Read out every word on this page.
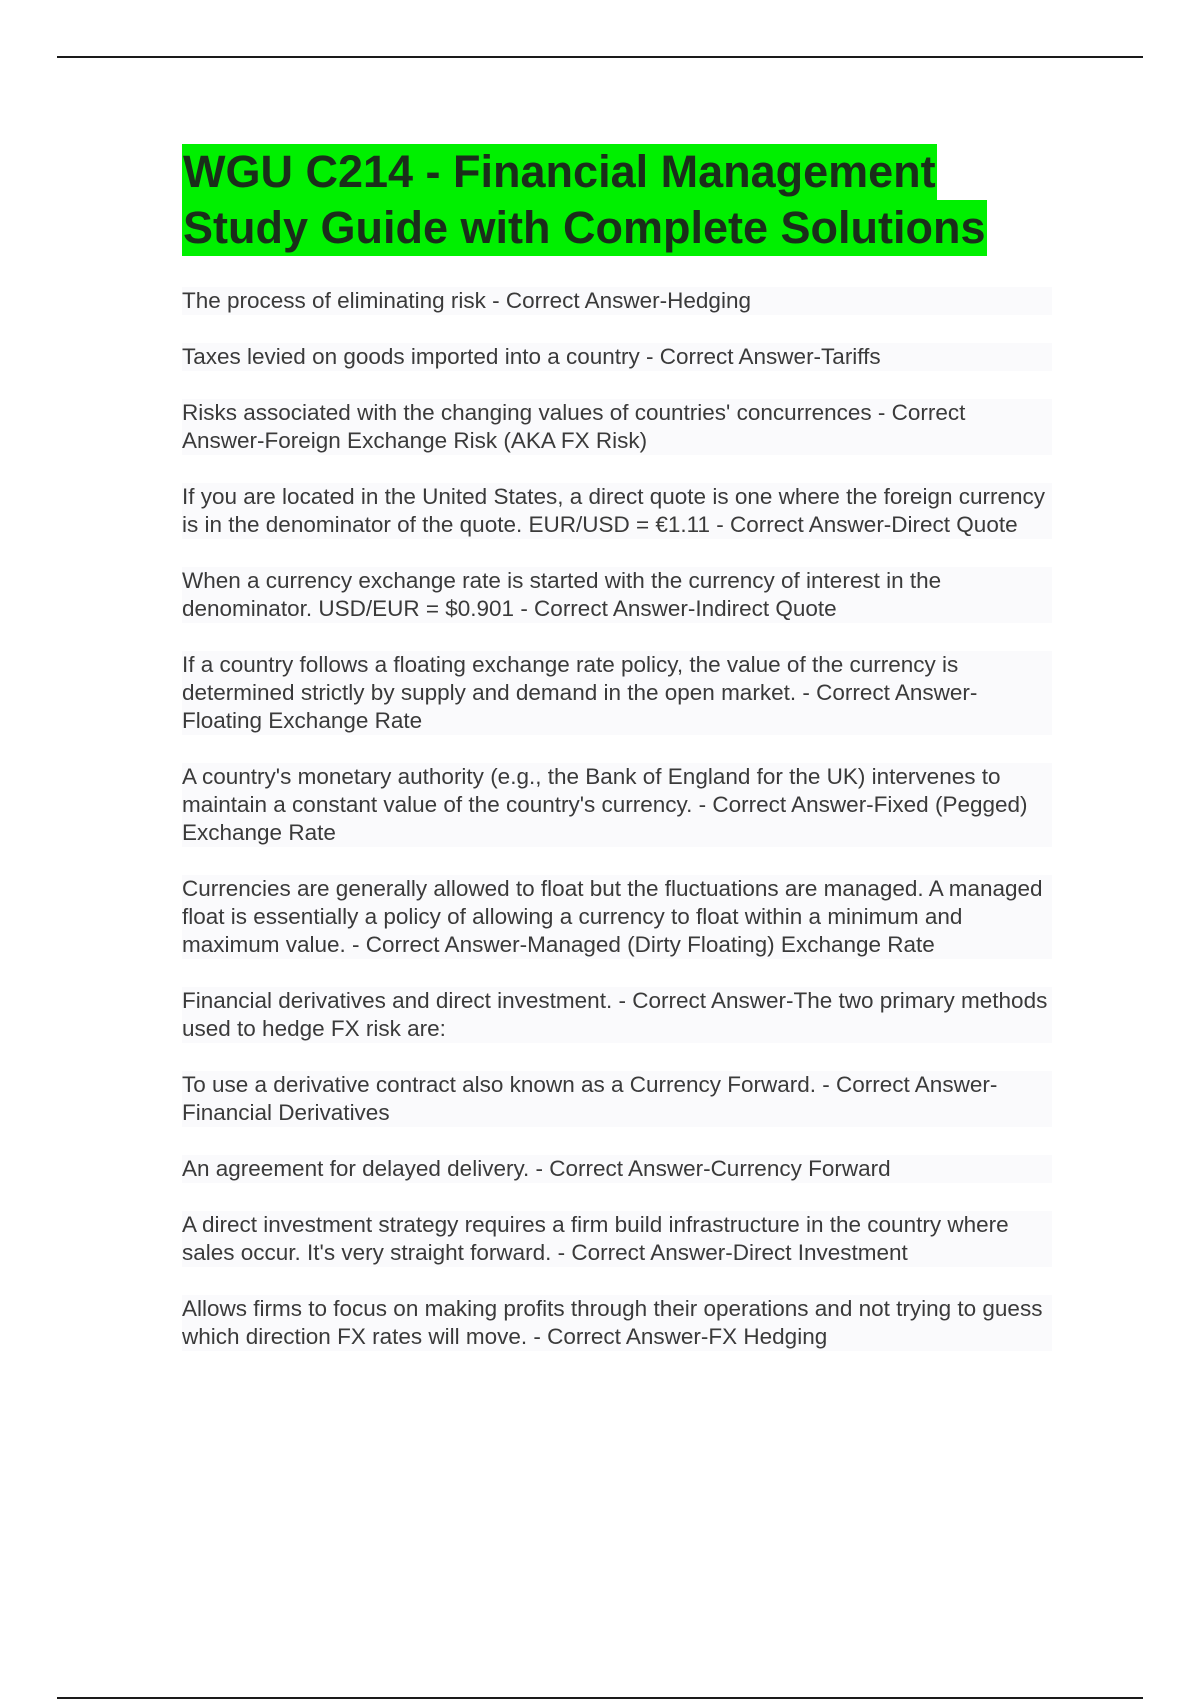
WGU C214 - Financial Management
Study Guide with Complete Solutions

The process of eliminating risk - Correct Answer-Hedging

Taxes levied on goods imported into a country - Correct Answer-Tariffs

Risks associated with the changing values of countries' concurrences - Correct Answer-Foreign Exchange Risk (AKA FX Risk)

If you are located in the United States, a direct quote is one where the foreign currency is in the denominator of the quote. EUR/USD = €1.11 - Correct Answer-Direct Quote

When a currency exchange rate is started with the currency of interest in the denominator. USD/EUR = $0.901 - Correct Answer-Indirect Quote

If a country follows a floating exchange rate policy, the value of the currency is determined strictly by supply and demand in the open market. - Correct Answer-Floating Exchange Rate

A country's monetary authority (e.g., the Bank of England for the UK) intervenes to maintain a constant value of the country's currency. - Correct Answer-Fixed (Pegged) Exchange Rate

Currencies are generally allowed to float but the fluctuations are managed. A managed float is essentially a policy of allowing a currency to float within a minimum and maximum value. - Correct Answer-Managed (Dirty Floating) Exchange Rate

Financial derivatives and direct investment. - Correct Answer-The two primary methods used to hedge FX risk are:

To use a derivative contract also known as a Currency Forward. - Correct Answer-Financial Derivatives

An agreement for delayed delivery. - Correct Answer-Currency Forward

A direct investment strategy requires a firm build infrastructure in the country where sales occur. It's very straight forward. - Correct Answer-Direct Investment

Allows firms to focus on making profits through their operations and not trying to guess which direction FX rates will move. - Correct Answer-FX Hedging
